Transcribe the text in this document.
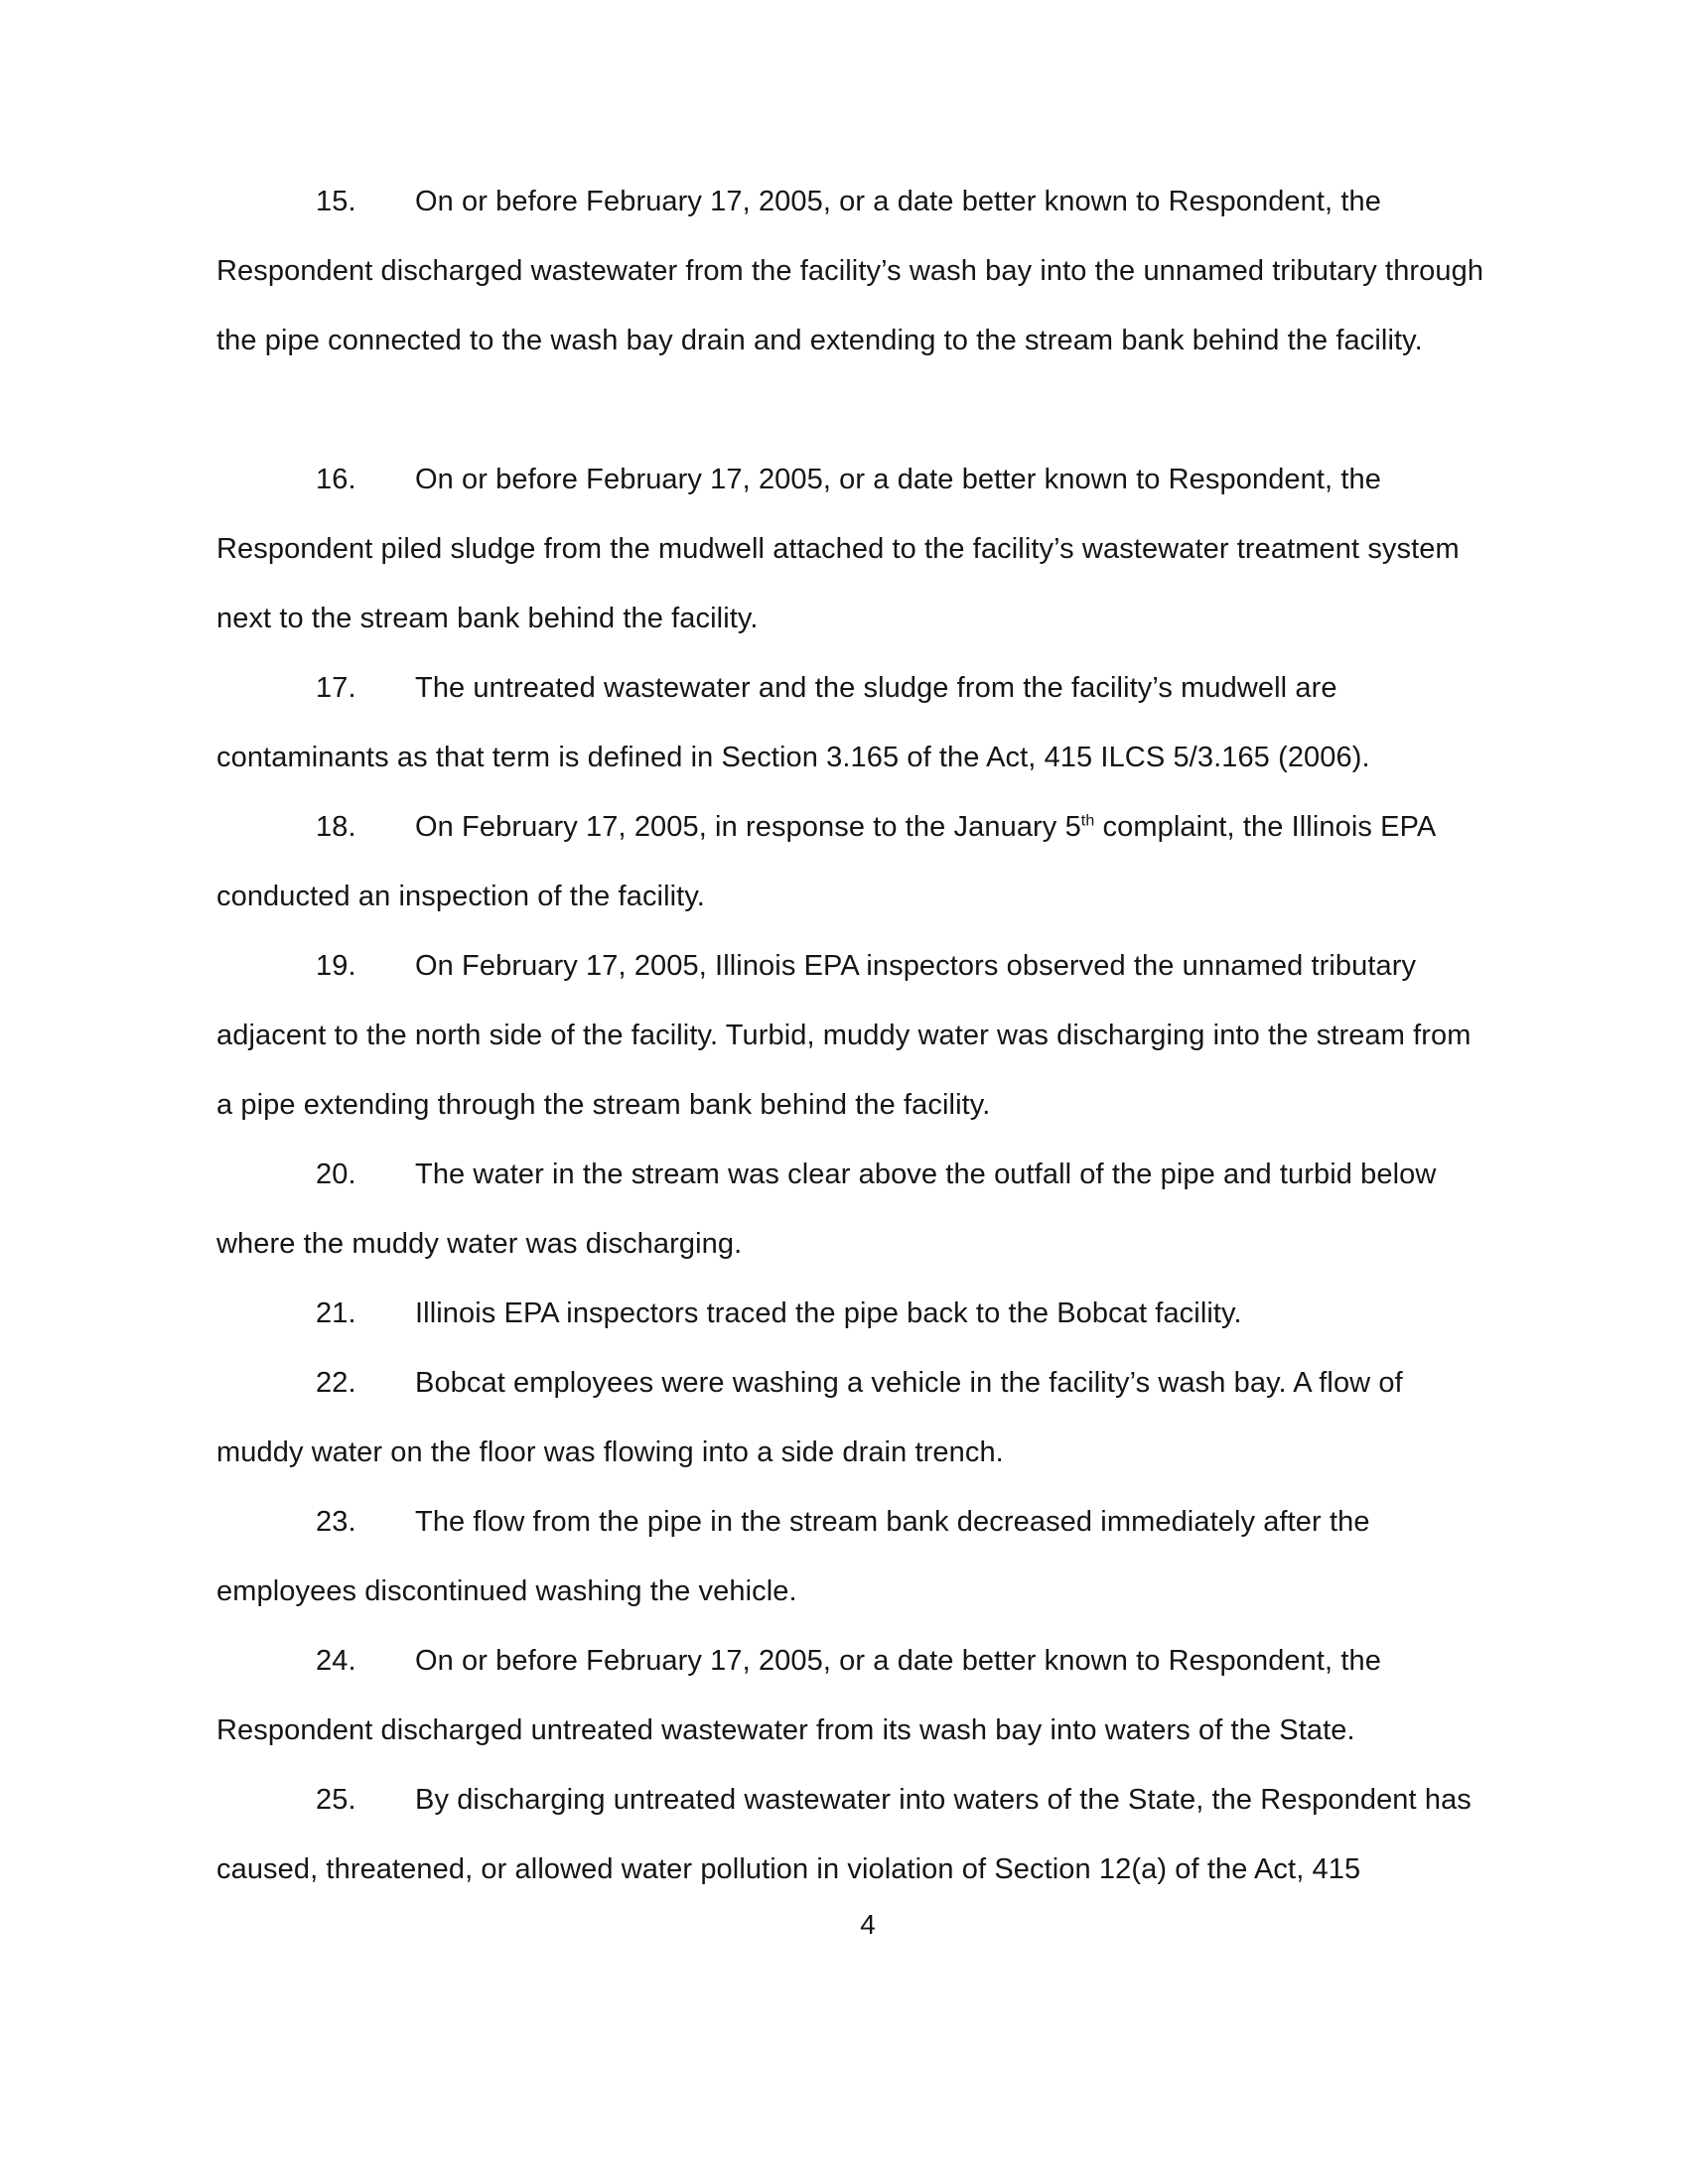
15. On or before February 17, 2005, or a date better known to Respondent, the Respondent discharged wastewater from the facility’s wash bay into the unnamed tributary through the pipe connected to the wash bay drain and extending to the stream bank behind the facility.

16. On or before February 17, 2005, or a date better known to Respondent, the Respondent piled sludge from the mudwell attached to the facility’s wastewater treatment system next to the stream bank behind the facility.

17. The untreated wastewater and the sludge from the facility’s mudwell are contaminants as that term is defined in Section 3.165 of the Act, 415 ILCS 5/3.165 (2006).

18. On February 17, 2005, in response to the January 5th complaint, the Illinois EPA conducted an inspection of the facility.

19. On February 17, 2005, Illinois EPA inspectors observed the unnamed tributary adjacent to the north side of the facility. Turbid, muddy water was discharging into the stream from a pipe extending through the stream bank behind the facility.

20. The water in the stream was clear above the outfall of the pipe and turbid below where the muddy water was discharging.

21. Illinois EPA inspectors traced the pipe back to the Bobcat facility.

22. Bobcat employees were washing a vehicle in the facility’s wash bay. A flow of muddy water on the floor was flowing into a side drain trench.

23. The flow from the pipe in the stream bank decreased immediately after the employees discontinued washing the vehicle.

24. On or before February 17, 2005, or a date better known to Respondent, the Respondent discharged untreated wastewater from its wash bay into waters of the State.

25. By discharging untreated wastewater into waters of the State, the Respondent has caused, threatened, or allowed water pollution in violation of Section 12(a) of the Act, 415

4
